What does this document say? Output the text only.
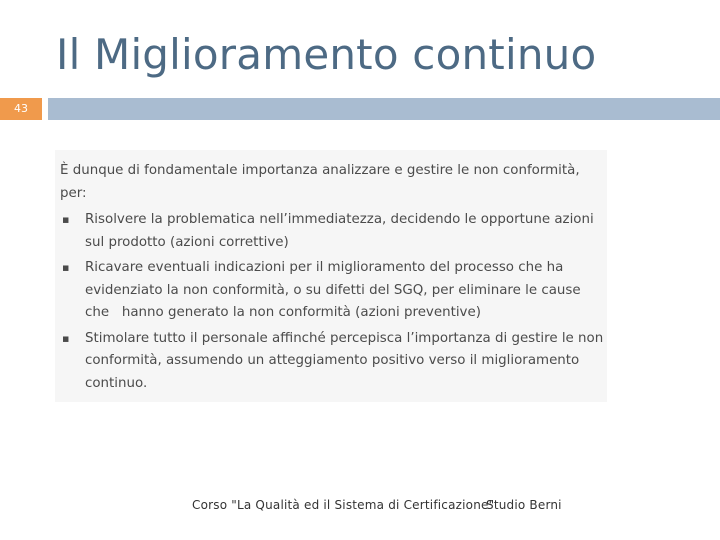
Il Miglioramento continuo
43

È dunque di fondamentale importanza analizzare e gestire le non conformità, per:

▪ Risolvere la problematica nell’immediatezza, decidendo le opportune azioni sul prodotto (azioni correttive)
▪ Ricavare eventuali indicazioni per il miglioramento del processo che ha evidenziato la non conformità, o su difetti del SGQ, per eliminare le cause che   hanno generato la non conformità (azioni preventive)
▪ Stimolare tutto il personale affinché percepisca l’importanza di gestire le non   conformità, assumendo un atteggiamento positivo verso il miglioramento continuo.
Corso "La Qualità ed il Sistema di Certificazione"
Studio Berni
